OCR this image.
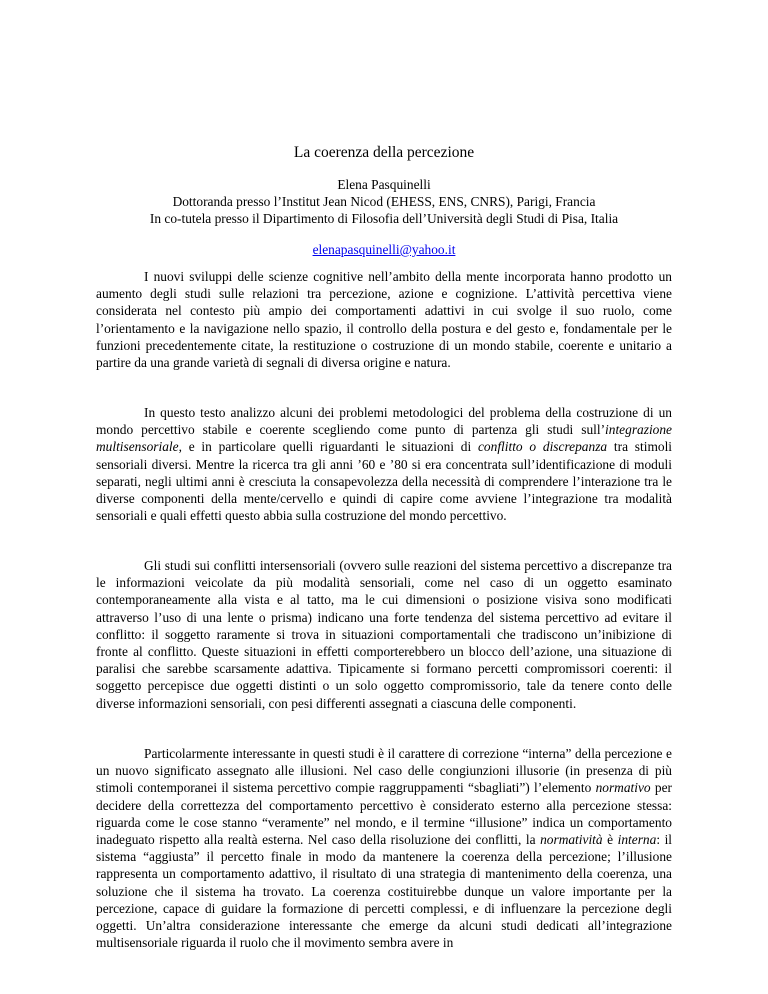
La coerenza della percezione
Elena Pasquinelli
Dottoranda presso l’Institut Jean Nicod (EHESS, ENS, CNRS), Parigi, Francia
In co-tutela presso il Dipartimento di Filosofia dell’Università degli Studi di Pisa, Italia
elenapasquinelli@yahoo.it

I nuovi sviluppi delle scienze cognitive nell’ambito della mente incorporata hanno prodotto un aumento degli studi sulle relazioni tra percezione, azione e cognizione. L’attività percettiva viene considerata nel contesto più ampio dei comportamenti adattivi in cui svolge il suo ruolo, come l’orientamento e la navigazione nello spazio, il controllo della postura e del gesto e, fondamentale per le funzioni precedentemente citate, la restituzione o costruzione di un mondo stabile, coerente e unitario a partire da una grande varietà di segnali di diversa origine e natura.

In questo testo analizzo alcuni dei problemi metodologici del problema della costruzione di un mondo percettivo stabile e coerente scegliendo come punto di partenza gli studi sull’integrazione multisensoriale, e in particolare quelli riguardanti le situazioni di conflitto o discrepanza tra stimoli sensoriali diversi. Mentre la ricerca tra gli anni ’60 e ’80 si era concentrata sull’identificazione di moduli separati, negli ultimi anni è cresciuta la consapevolezza della necessità di comprendere l’interazione tra le diverse componenti della mente/cervello e quindi di capire come avviene l’integrazione tra modalità sensoriali e quali effetti questo abbia sulla costruzione del mondo percettivo.

Gli studi sui conflitti intersensoriali (ovvero sulle reazioni del sistema percettivo a discrepanze tra le informazioni veicolate da più modalità sensoriali, come nel caso di un oggetto esaminato contemporaneamente alla vista e al tatto, ma le cui dimensioni o posizione visiva sono modificati attraverso l’uso di una lente o prisma) indicano una forte tendenza del sistema percettivo ad evitare il conflitto: il soggetto raramente si trova in situazioni comportamentali che tradiscono un’inibizione di fronte al conflitto. Queste situazioni in effetti comporterebbero un blocco dell’azione, una situazione di paralisi che sarebbe scarsamente adattiva. Tipicamente si formano percetti compromissori coerenti: il soggetto percepisce due oggetti distinti o un solo oggetto compromissorio, tale da tenere conto delle diverse informazioni sensoriali, con pesi differenti assegnati a ciascuna delle componenti.

Particolarmente interessante in questi studi è il carattere di correzione “interna” della percezione e un nuovo significato assegnato alle illusioni. Nel caso delle congiunzioni illusorie (in presenza di più stimoli contemporanei il sistema percettivo compie raggruppamenti “sbagliati”) l’elemento normativo per decidere della correttezza del comportamento percettivo è considerato esterno alla percezione stessa: riguarda come le cose stanno “veramente” nel mondo, e il termine “illusione” indica un comportamento inadeguato rispetto alla realtà esterna. Nel caso della risoluzione dei conflitti, la normatività è interna: il sistema “aggiusta” il percetto finale in modo da mantenere la coerenza della percezione; l’illusione rappresenta un comportamento adattivo, il risultato di una strategia di mantenimento della coerenza, una soluzione che il sistema ha trovato. La coerenza costituirebbe dunque un valore importante per la percezione, capace di guidare la formazione di percetti complessi, e di influenzare la percezione degli oggetti. Un’altra considerazione interessante che emerge da alcuni studi dedicati all’integrazione multisensoriale riguarda il ruolo che il movimento sembra avere in
